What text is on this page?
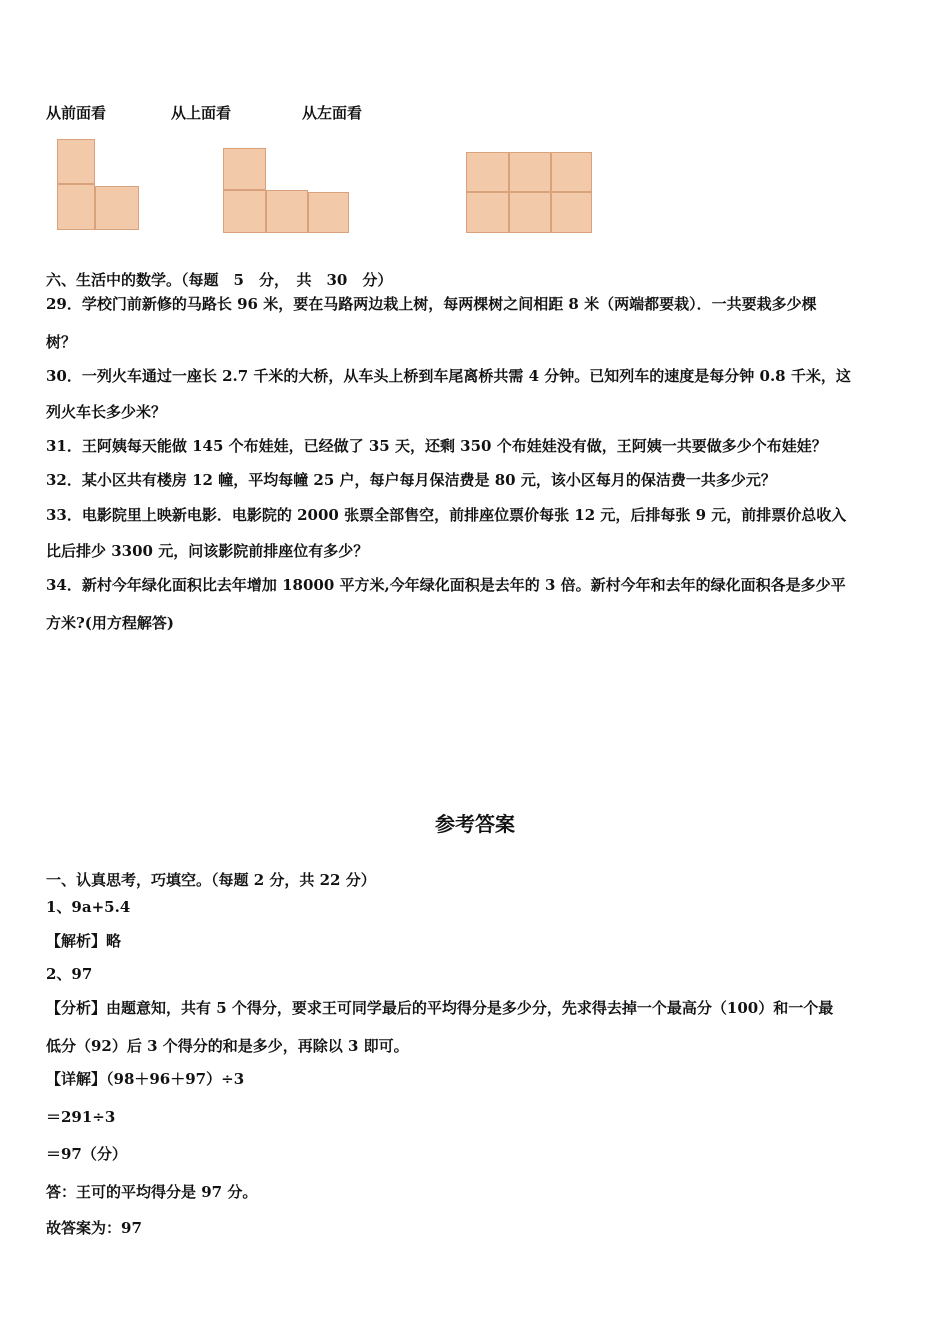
从前面看	从上面看	从左面看
六、生活中的数学。（每题　5　分，　共　30　分）
29．学校门前新修的马路长 96 米，要在马路两边栽上树，每两棵树之间相距 8 米（两端都要栽）．一共要栽多少棵
树？
30．一列火车通过一座长 2.7 千米的大桥，从车头上桥到车尾离桥共需 4 分钟。已知列车的速度是每分钟 0.8 千米，这
列火车长多少米？
31．王阿姨每天能做 145 个布娃娃，已经做了 35 天，还剩 350 个布娃娃没有做，王阿姨一共要做多少个布娃娃？
32．某小区共有楼房 12 幢，平均每幢 25 户，每户每月保洁费是 80 元，该小区每月的保洁费一共多少元？
33．电影院里上映新电影．电影院的 2000 张票全部售空，前排座位票价每张 12 元，后排每张 9 元，前排票价总收入
比后排少 3300 元，问该影院前排座位有多少？
34．新村今年绿化面积比去年增加 18000 平方米,今年绿化面积是去年的 3 倍。新村今年和去年的绿化面积各是多少平
方米?(用方程解答)
参考答案
一、认真思考，巧填空。（每题 2 分，共 22 分）
1、9a+5.4
【解析】略
2、97
【分析】由题意知，共有 5 个得分，要求王可同学最后的平均得分是多少分，先求得去掉一个最高分（100）和一个最
低分（92）后 3 个得分的和是多少，再除以 3 即可。
【详解】（98＋96＋97）÷3
＝291÷3
＝97（分）
答：王可的平均得分是 97 分。
故答案为：97
